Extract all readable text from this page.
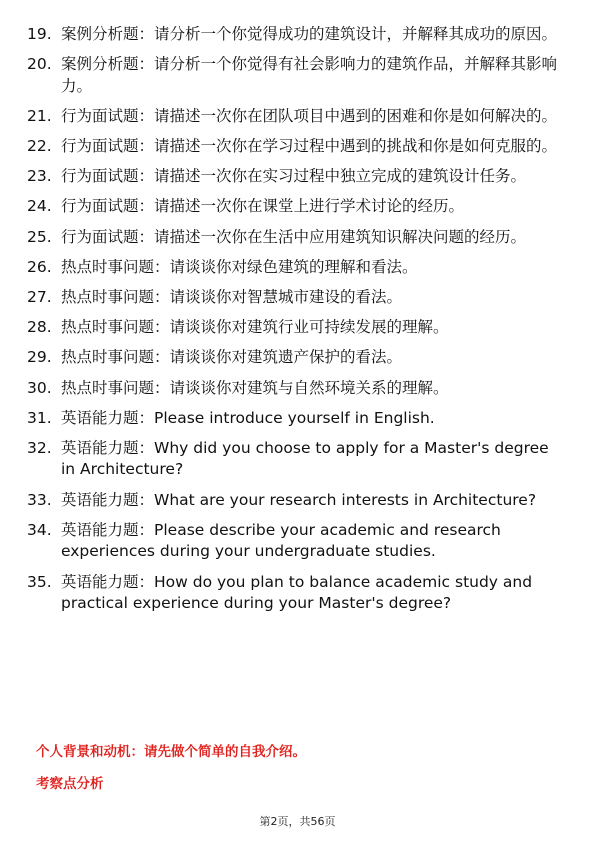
19. 案例分析题：请分析一个你觉得成功的建筑设计，并解释其成功的原因。
20. 案例分析题：请分析一个你觉得有社会影响力的建筑作品，并解释其影响力。
21. 行为面试题：请描述一次你在团队项目中遇到的困难和你是如何解决的。
22. 行为面试题：请描述一次你在学习过程中遇到的挑战和你是如何克服的。
23. 行为面试题：请描述一次你在实习过程中独立完成的建筑设计任务。
24. 行为面试题：请描述一次你在课堂上进行学术讨论的经历。
25. 行为面试题：请描述一次你在生活中应用建筑知识解决问题的经历。
26. 热点时事问题：请谈谈你对绿色建筑的理解和看法。
27. 热点时事问题：请谈谈你对智慧城市建设的看法。
28. 热点时事问题：请谈谈你对建筑行业可持续发展的理解。
29. 热点时事问题：请谈谈你对建筑遗产保护的看法。
30. 热点时事问题：请谈谈你对建筑与自然环境关系的理解。
31. 英语能力题：Please introduce yourself in English.
32. 英语能力题：Why did you choose to apply for a Master's degree in Architecture?
33. 英语能力题：What are your research interests in Architecture?
34. 英语能力题：Please describe your academic and research experiences during your undergraduate studies.
35. 英语能力题：How do you plan to balance academic study and practical experience during your Master's degree?
个人背景和动机：请先做个简单的自我介绍。
考察点分析
第2页，共56页
